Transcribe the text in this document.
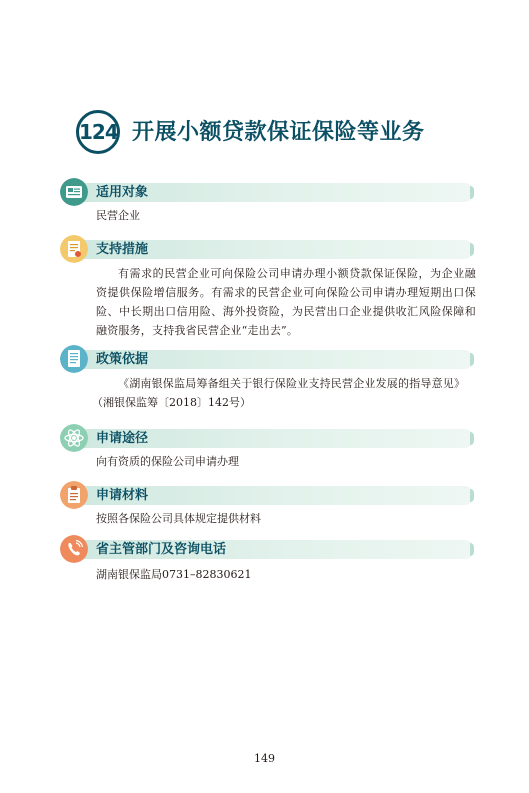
124 开展小额贷款保证保险等业务
适用对象
民营企业
支持措施

有需求的民营企业可向保险公司申请办理小额贷款保证保险，为企业融资提供保险增信服务。有需求的民营企业可向保险公司申请办理短期出口保险、中长期出口信用险、海外投资险，为民营出口企业提供收汇风险保障和融资服务，支持我省民营企业“走出去”。

政策依据

《湖南银保监局筹备组关于银行保险业支持民营企业发展的指导意见》

（湘银保监筹〔2018〕142号）
申请途径
向有资质的保险公司申请办理
申请材料
按照各保险公司具体规定提供材料
省主管部门及咨询电话
湖南银保监局0731–82830621
149
